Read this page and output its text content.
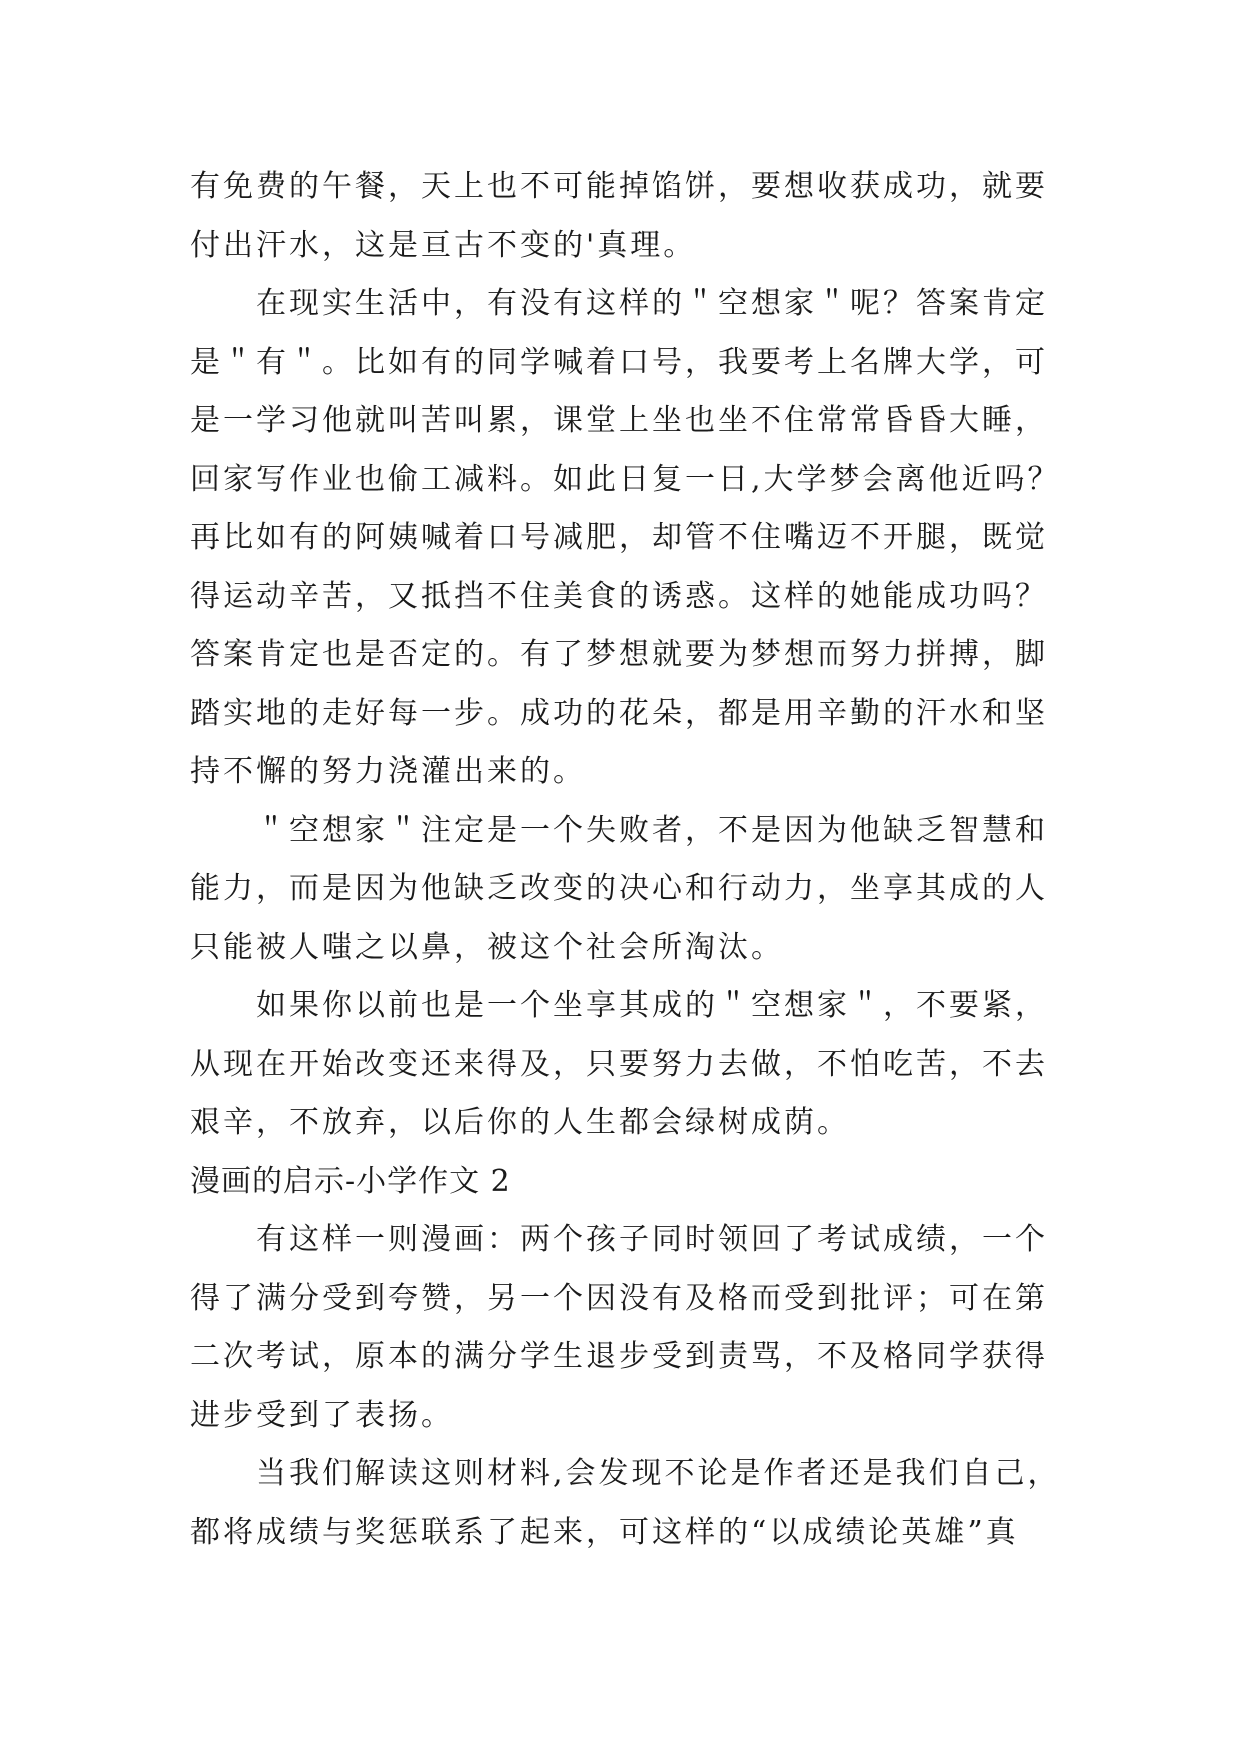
有免费的午餐，天上也不可能掉馅饼，要想收获成功，就要
付出汗水，这是亘古不变的'真理。
在现实生活中，有没有这样的＂空想家＂呢？答案肯定
是＂有＂。比如有的同学喊着口号，我要考上名牌大学，可
是一学习他就叫苦叫累，课堂上坐也坐不住常常昏昏大睡，
回家写作业也偷工减料。如此日复一日,大学梦会离他近吗？
再比如有的阿姨喊着口号减肥，却管不住嘴迈不开腿，既觉
得运动辛苦，又抵挡不住美食的诱惑。这样的她能成功吗？
答案肯定也是否定的。有了梦想就要为梦想而努力拼搏，脚
踏实地的走好每一步。成功的花朵，都是用辛勤的汗水和坚
持不懈的努力浇灌出来的。
＂空想家＂注定是一个失败者，不是因为他缺乏智慧和
能力，而是因为他缺乏改变的决心和行动力，坐享其成的人
只能被人嗤之以鼻，被这个社会所淘汰。
如果你以前也是一个坐享其成的＂空想家＂，不要紧，
从现在开始改变还来得及，只要努力去做，不怕吃苦，不去
艰辛，不放弃，以后你的人生都会绿树成荫。
漫画的启示-小学作文 2
有这样一则漫画：两个孩子同时领回了考试成绩，一个
得了满分受到夸赞，另一个因没有及格而受到批评；可在第
二次考试，原本的满分学生退步受到责骂，不及格同学获得
进步受到了表扬。
当我们解读这则材料,会发现不论是作者还是我们自己，
都将成绩与奖惩联系了起来，可这样的“以成绩论英雄”真
